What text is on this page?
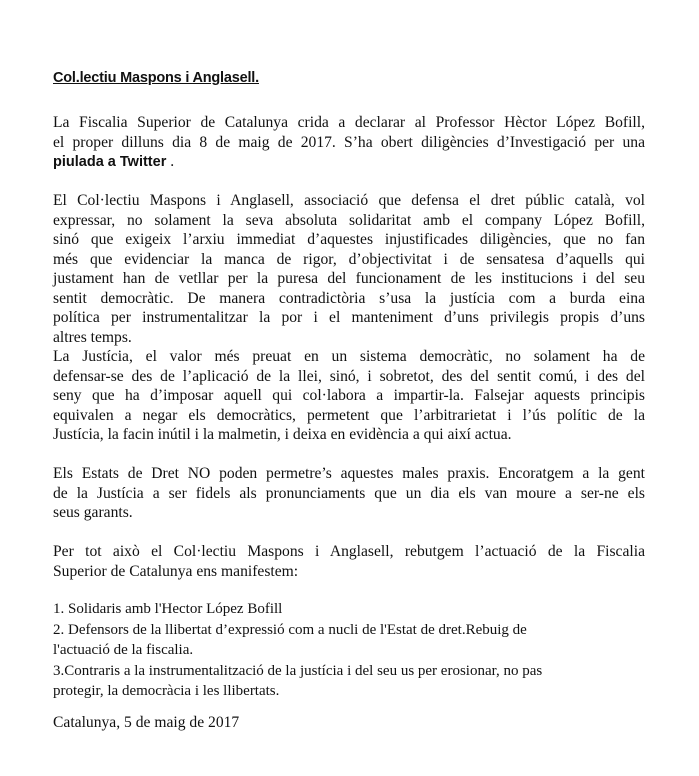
Col.lectiu Maspons i Anglasell.
La Fiscalia Superior de Catalunya crida a declarar al Professor Hèctor López Bofill,
el proper dilluns dia 8 de maig de 2017. S’ha obert diligències d’Investigació per una
piulada a Twitter .
El Col·lectiu Maspons i Anglasell, associació que defensa el dret públic català, vol
expressar, no solament la seva absoluta solidaritat amb el company López Bofill,
sinó que exigeix l’arxiu immediat d’aquestes injustificades diligències, que no fan
més que evidenciar la manca de rigor, d’objectivitat i de sensatesa d’aquells qui
justament han de vetllar per la puresa del funcionament de les institucions i del seu
sentit democràtic. De manera contradictòria s’usa la justícia com a burda eina
política per instrumentalitzar la por i el manteniment d’uns privilegis propis d’uns
altres temps.
La Justícia, el valor més preuat en un sistema democràtic, no solament ha de
defensar-se des de l’aplicació de la llei, sinó, i sobretot, des del sentit comú, i des del
seny que ha d’imposar aquell qui col·labora a impartir-la. Falsejar aquests principis
equivalen a negar els democràtics, permetent que l’arbitrarietat i l’ús polític de la
Justícia, la facin inútil i la malmetin, i deixa en evidència a qui així actua.
Els Estats de Dret NO poden permetre’s aquestes males praxis. Encoratgem a la gent
de la Justícia a ser fidels als pronunciaments que un dia els van moure a ser-ne els
seus garants.
Per tot això el Col·lectiu Maspons i Anglasell, rebutgem l’actuació de la Fiscalia
Superior de Catalunya ens manifestem:
1. Solidaris amb l'Hector López Bofill
2. Defensors de la llibertat d’expressió com a nucli de l'Estat de dret.Rebuig de
l'actuació de la fiscalia.
3.Contraris a la instrumentalització de la justícia i del seu us per erosionar, no pas
protegir, la democràcia i les llibertats.
Catalunya, 5 de maig de 2017
